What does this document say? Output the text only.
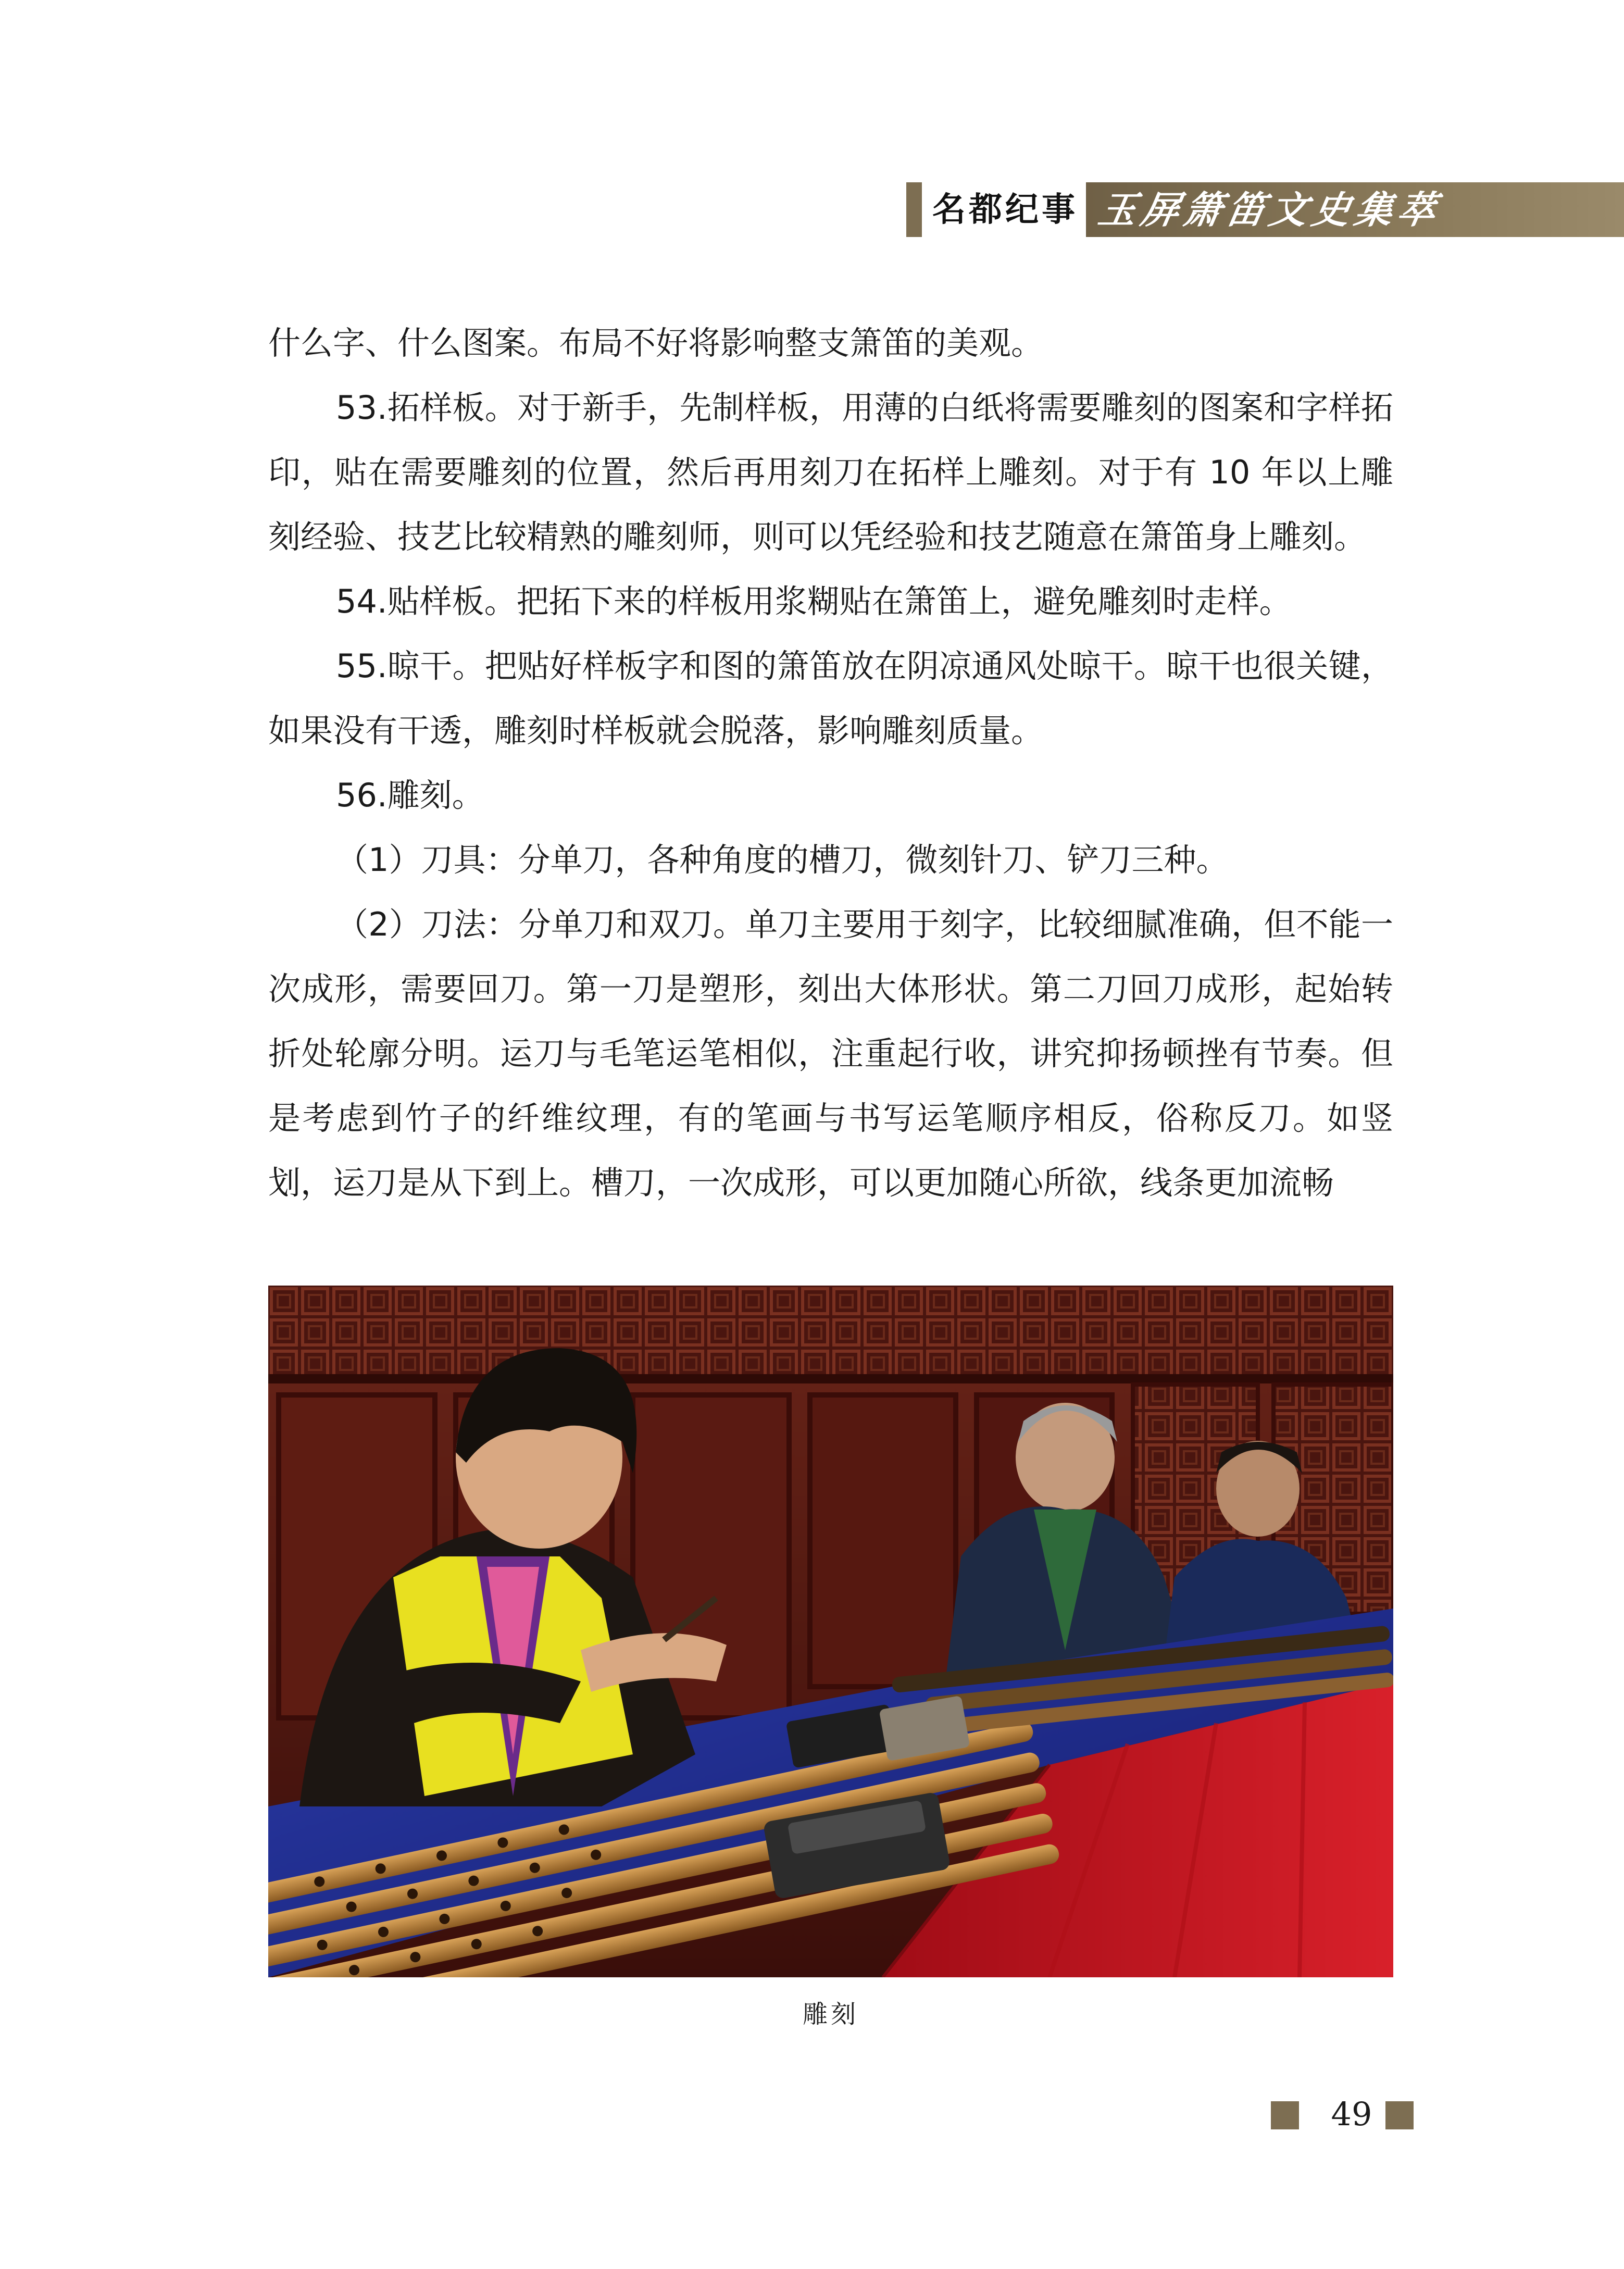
名都纪事 玉屏箫笛文史集萃

什么字、什么图案。布局不好将影响整支箫笛的美观。

53.拓样板。对于新手，先制样板，用薄的白纸将需要雕刻的图案和字样拓印，贴在需要雕刻的位置，然后再用刻刀在拓样上雕刻。对于有 10 年以上雕刻经验、技艺比较精熟的雕刻师，则可以凭经验和技艺随意在箫笛身上雕刻。

54.贴样板。把拓下来的样板用浆糊贴在箫笛上，避免雕刻时走样。

55.晾干。把贴好样板字和图的箫笛放在阴凉通风处晾干。晾干也很关键，如果没有干透，雕刻时样板就会脱落，影响雕刻质量。

56.雕刻。

（1）刀具：分单刀，各种角度的槽刀，微刻针刀、铲刀三种。

（2）刀法：分单刀和双刀。单刀主要用于刻字，比较细腻准确，但不能一次成形，需要回刀。第一刀是塑形，刻出大体形状。第二刀回刀成形，起始转折处轮廓分明。运刀与毛笔运笔相似，注重起行收，讲究抑扬顿挫有节奏。但是考虑到竹子的纤维纹理，有的笔画与书写运笔顺序相反，俗称反刀。如竖划，运刀是从下到上。槽刀，一次成形，可以更加随心所欲，线条更加流畅

雕刻
49
